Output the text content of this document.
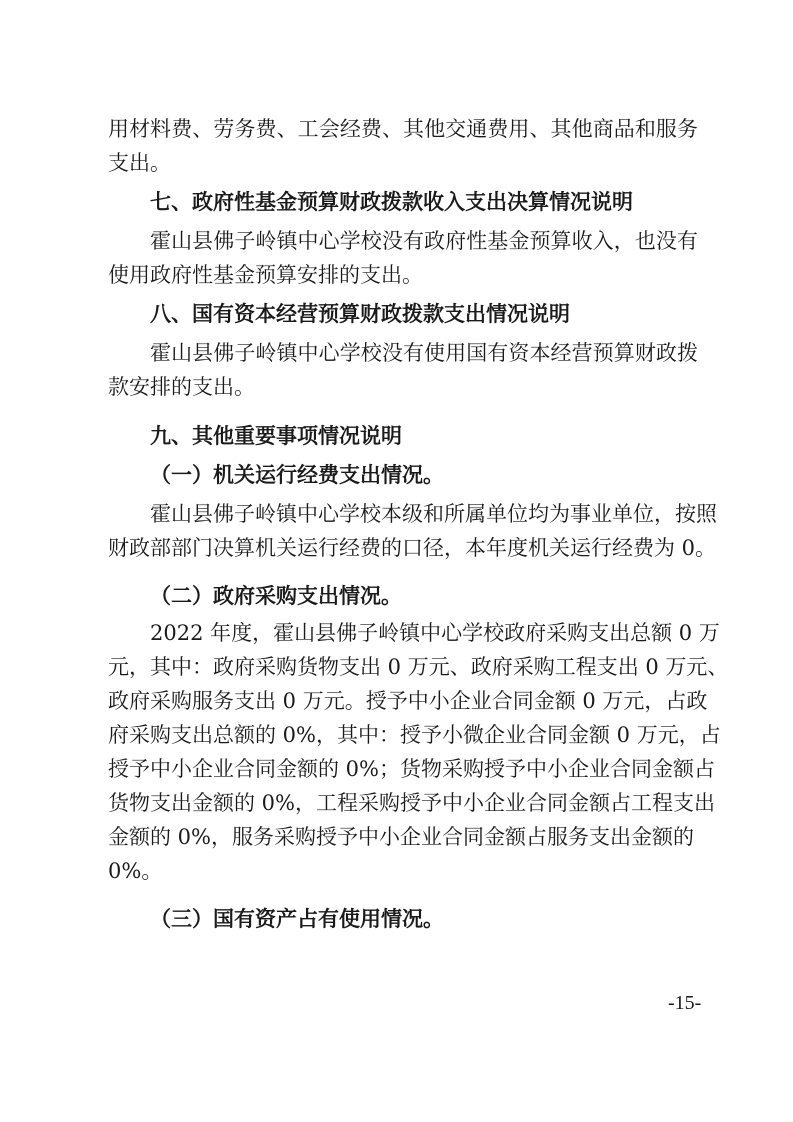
用材料费、劳务费、工会经费、其他交通费用、其他商品和服务
支出。
七、政府性基金预算财政拨款收入支出决算情况说明
霍山县佛子岭镇中心学校没有政府性基金预算收入，也没有
使用政府性基金预算安排的支出。
八、国有资本经营预算财政拨款支出情况说明
霍山县佛子岭镇中心学校没有使用国有资本经营预算财政拨
款安排的支出。
九、其他重要事项情况说明
（一）机关运行经费支出情况。
霍山县佛子岭镇中心学校本级和所属单位均为事业单位，按照
财政部部门决算机关运行经费的口径，本年度机关运行经费为 0。
（二）政府采购支出情况。
2022 年度，霍山县佛子岭镇中心学校政府采购支出总额 0 万
元，其中：政府采购货物支出 0 万元、政府采购工程支出 0 万元、
政府采购服务支出 0 万元。授予中小企业合同金额 0 万元，占政
府采购支出总额的 0%，其中：授予小微企业合同金额 0 万元，占
授予中小企业合同金额的 0%；货物采购授予中小企业合同金额占
货物支出金额的 0%，工程采购授予中小企业合同金额占工程支出
金额的 0%，服务采购授予中小企业合同金额占服务支出金额的
0%。
（三）国有资产占有使用情况。
-15-
